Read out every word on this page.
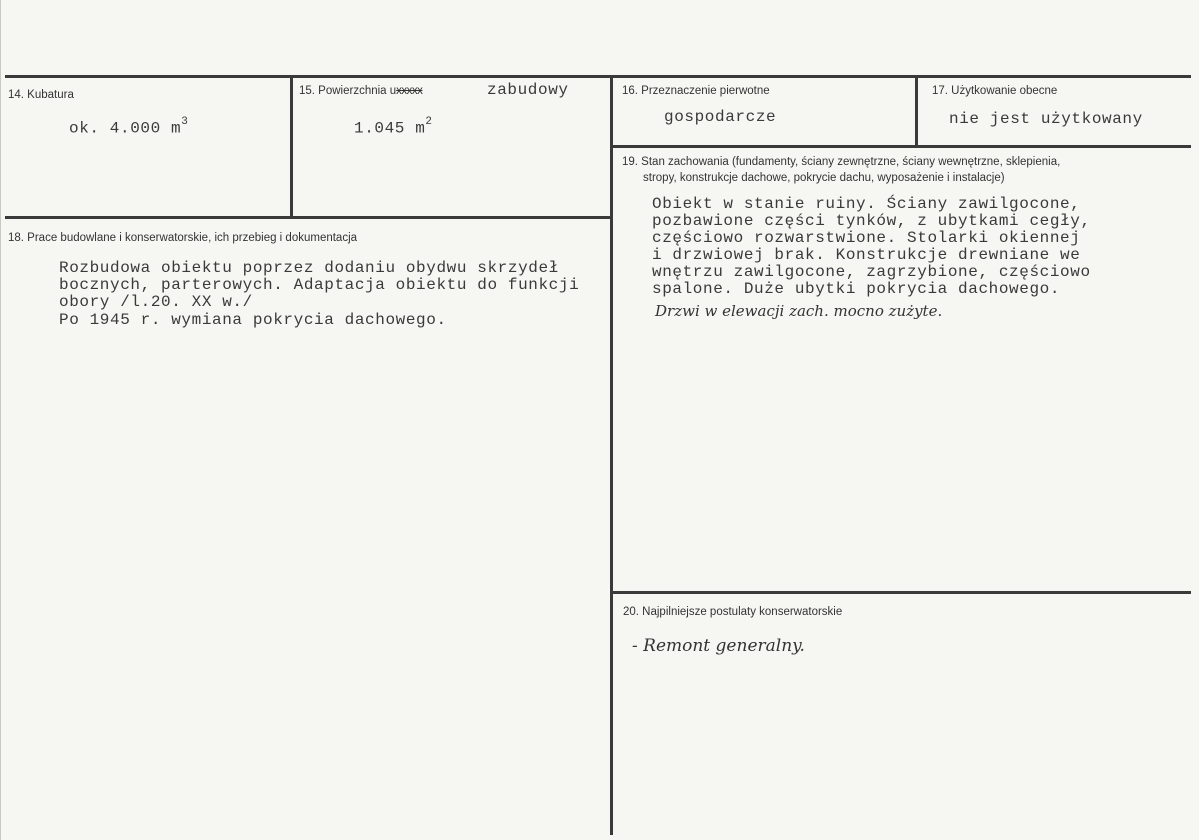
14. Kubatura
ok. 4.000 $m^3$
15. Powierzchnia uxxxxx	zabudowy
1.045 $m^2$
16. Przeznaczenie pierwotne
gospodarcze
17. Użytkowanie obecne
nie jest użytkowany
18. Prace budowlane i konserwatorskie, ich przebieg i dokumentacja
Rozbudowa obiektu poprzez dodaniu obydwu skrzydeł
bocznych, parterowych. Adaptacja obiektu do funkcji
obory /l.20. XX w./
Po 1945 r. wymiana pokrycia dachowego.
19. Stan zachowania (fundamenty, ściany zewnętrzne, ściany wewnętrzne, sklepienia,
stropy, konstrukcje dachowe, pokrycie dachu, wyposażenie i instalacje)
Obiekt w stanie ruiny. Ściany zawilgocone,
pozbawione części tynków, z ubytkami cegły,
częściowo rozwarstwione. Stolarki okiennej
i drzwiowej brak. Konstrukcje drewniane we
wnętrzu zawilgocone, zagrzybione, częściowo
spalone. Duże ubytki pokrycia dachowego.
Drzwi w elewacji zach. mocno zużyte.
20. Najpilniejsze postulaty konserwatorskie
- Remont generalny.
